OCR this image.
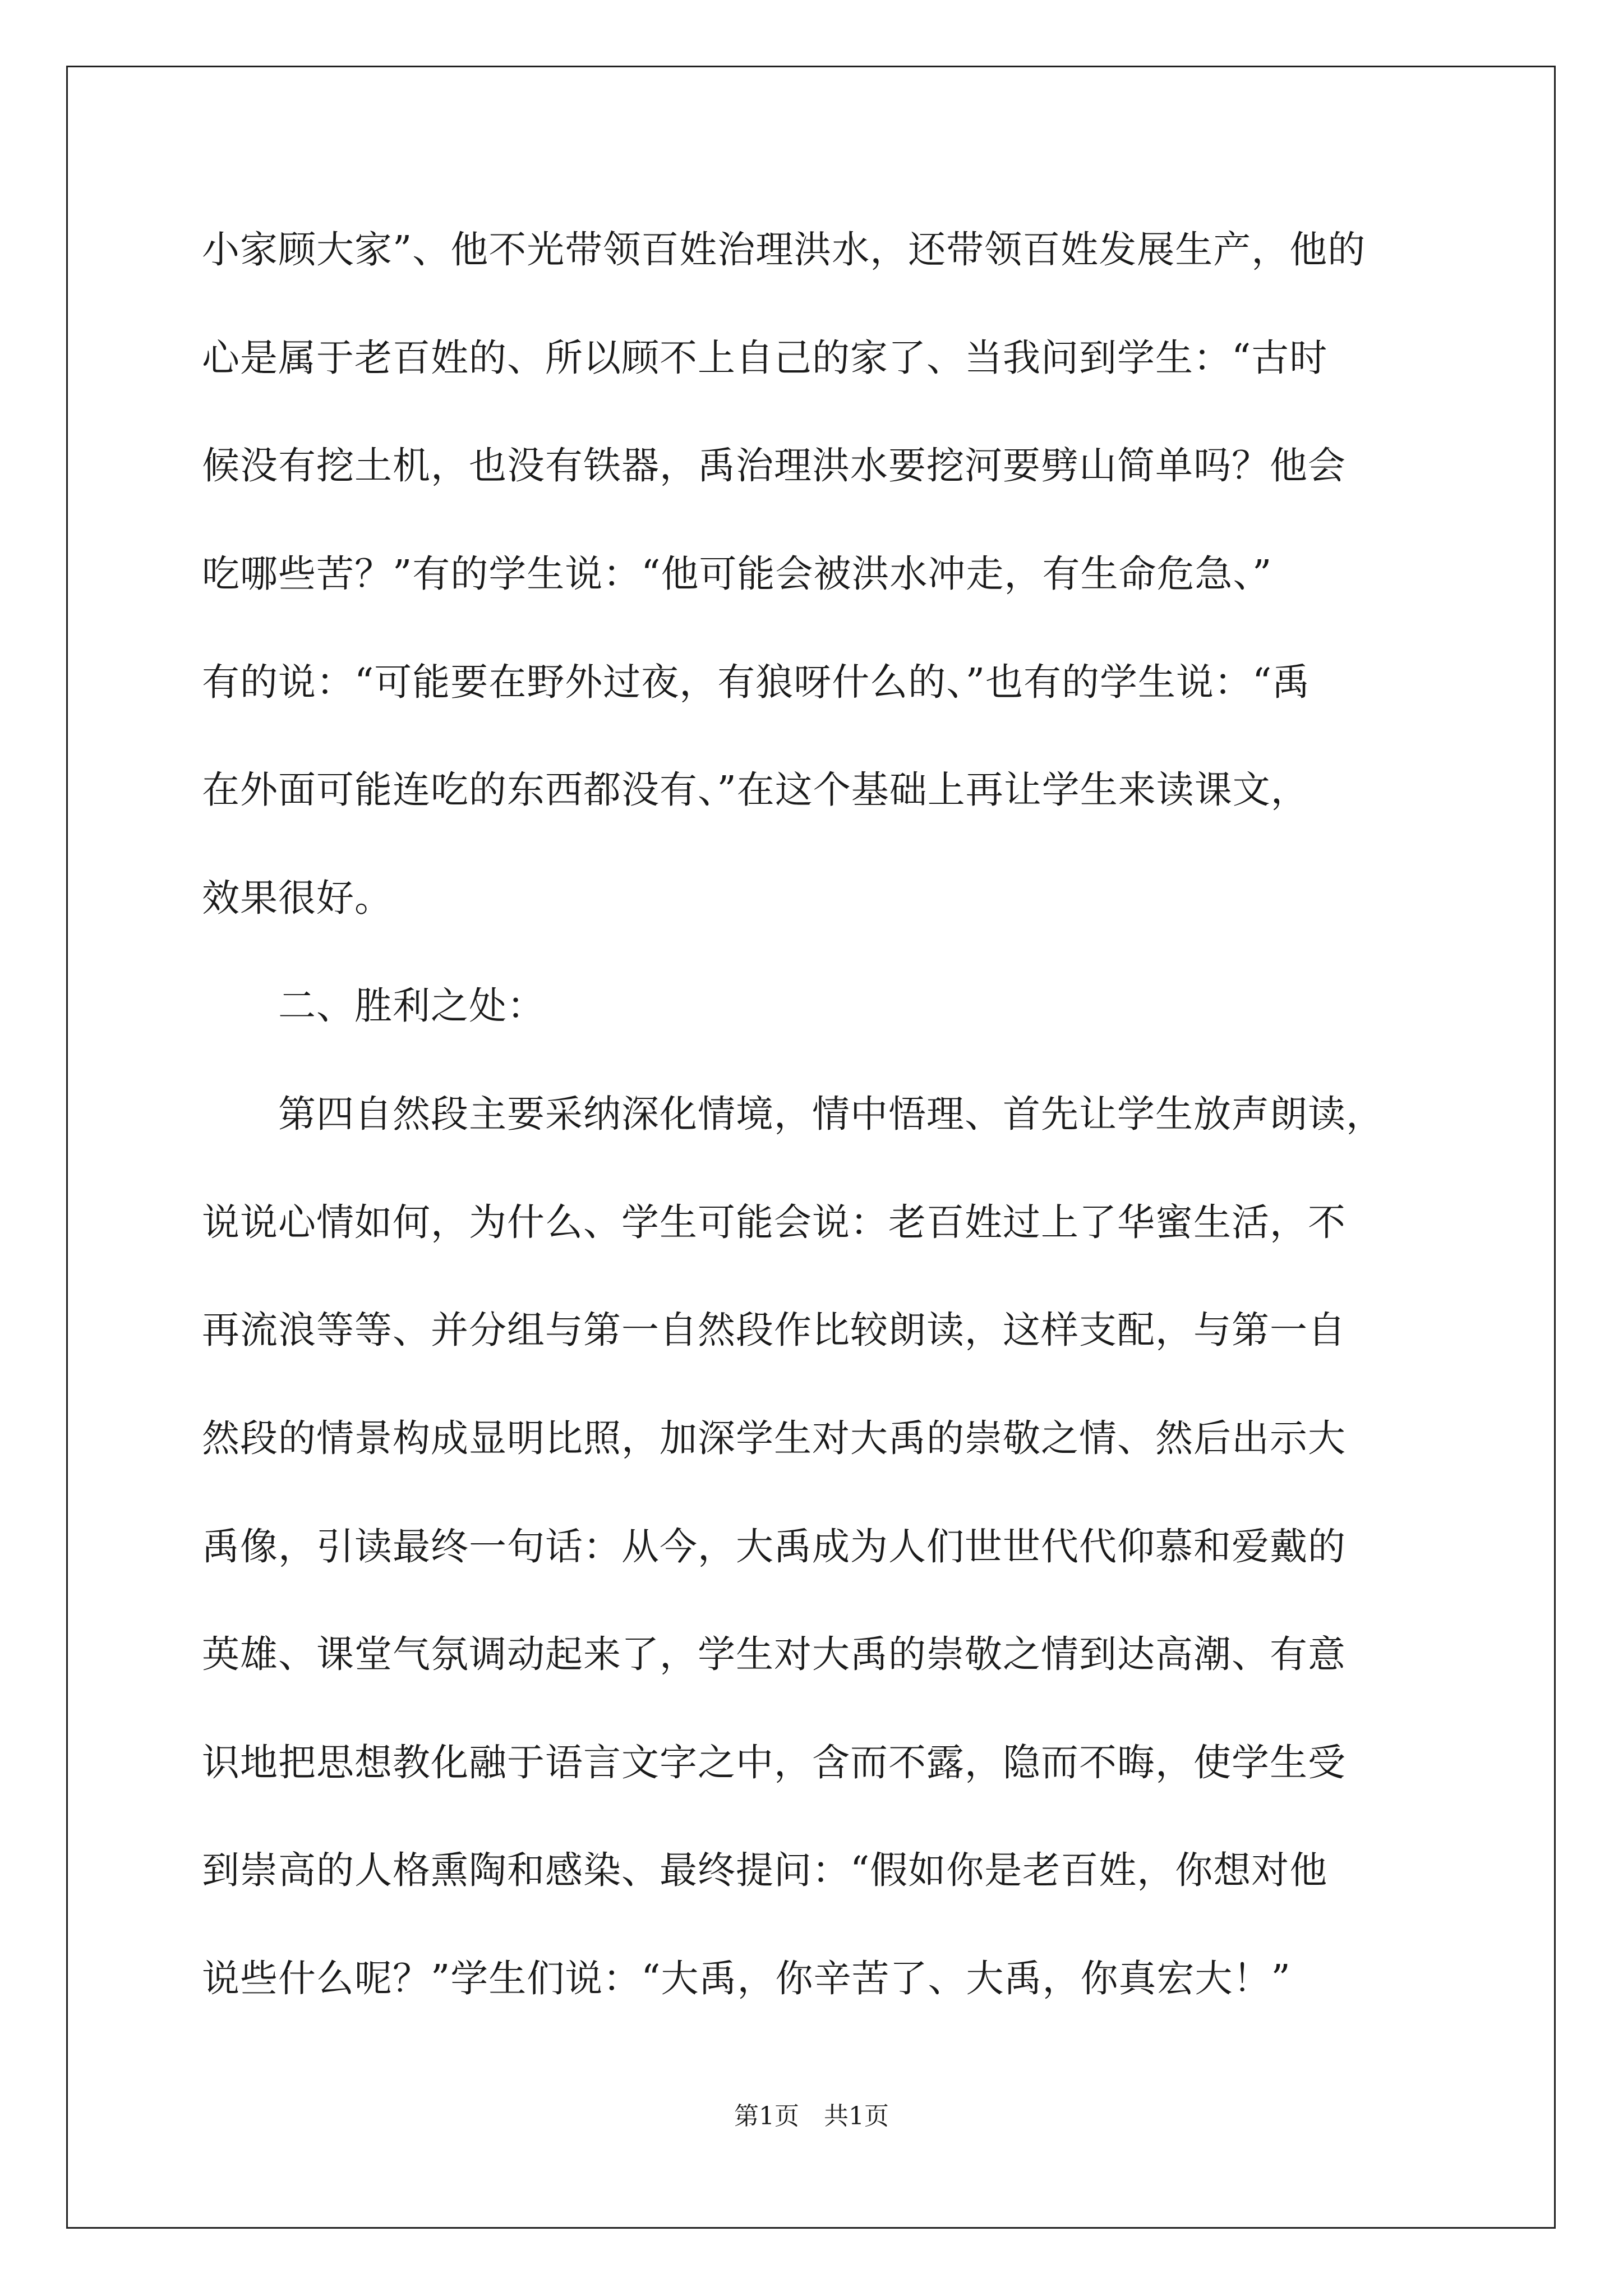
小家顾大家”、他不光带领百姓治理洪水，还带领百姓发展生产，他的
心是属于老百姓的、所以顾不上自己的家了、当我问到学生：“古时
候没有挖土机，也没有铁器，禹治理洪水要挖河要劈山简单吗？他会
吃哪些苦？”有的学生说：“他可能会被洪水冲走，有生命危急、”
有的说：“可能要在野外过夜，有狼呀什么的、”也有的学生说：“禹
在外面可能连吃的东西都没有、”在这个基础上再让学生来读课文，
效果很好。
　　二、胜利之处：
　　第四自然段主要采纳深化情境，情中悟理、首先让学生放声朗读，
说说心情如何，为什么、学生可能会说：老百姓过上了华蜜生活，不
再流浪等等、并分组与第一自然段作比较朗读，这样支配，与第一自
然段的情景构成显明比照，加深学生对大禹的崇敬之情、然后出示大
禹像，引读最终一句话：从今，大禹成为人们世世代代仰慕和爱戴的
英雄、课堂气氛调动起来了，学生对大禹的崇敬之情到达高潮、有意
识地把思想教化融于语言文字之中，含而不露，隐而不晦，使学生受
到崇高的人格熏陶和感染、最终提问：“假如你是老百姓，你想对他
说些什么呢？”学生们说：“大禹，你辛苦了、大禹，你真宏大！”
第1页　共1页
